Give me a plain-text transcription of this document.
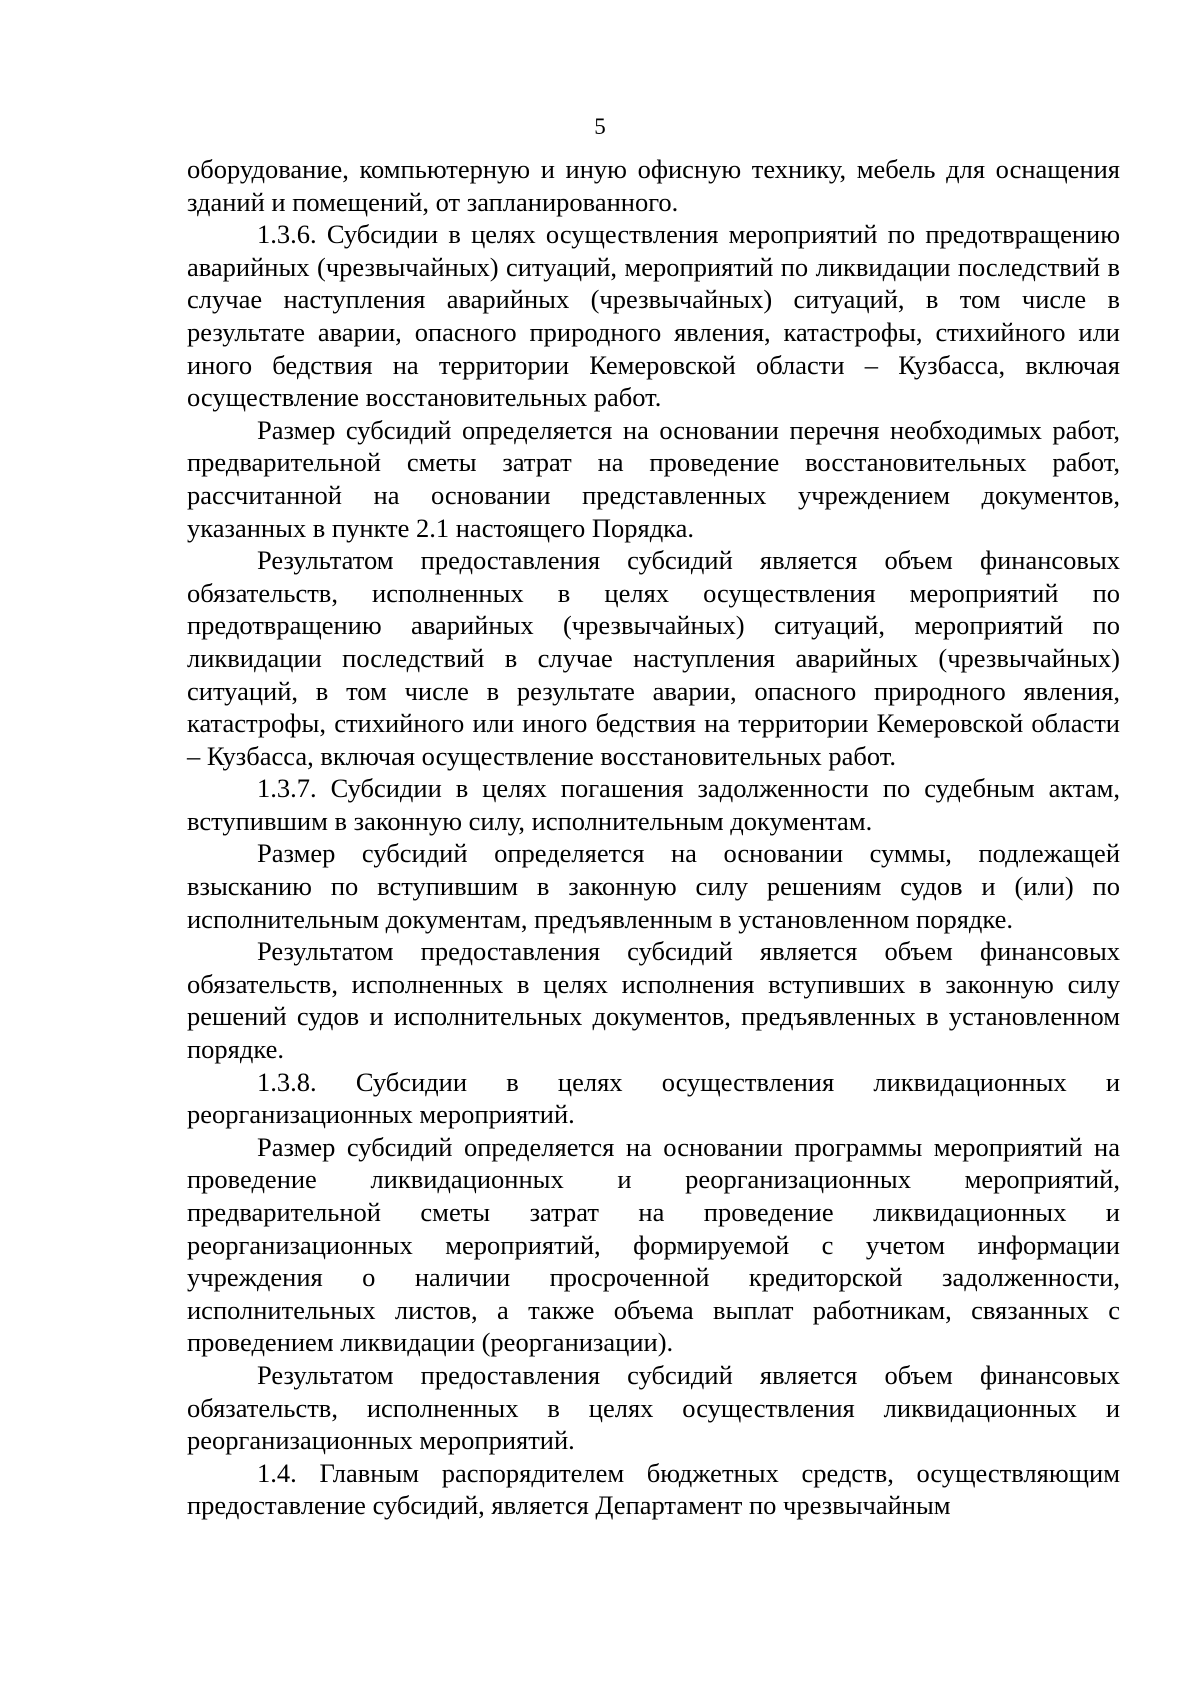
5

оборудование, компьютерную и иную офисную технику, мебель для оснащения зданий и помещений, от запланированного.

1.3.6. Субсидии в целях осуществления мероприятий по предотвращению аварийных (чрезвычайных) ситуаций, мероприятий по ликвидации последствий в случае наступления аварийных (чрезвычайных) ситуаций, в том числе в результате аварии, опасного природного явления, катастрофы, стихийного или иного бедствия на территории Кемеровской области – Кузбасса, включая осуществление восстановительных работ.

Размер субсидий определяется на основании перечня необходимых работ, предварительной сметы затрат на проведение восстановительных работ, рассчитанной на основании представленных учреждением документов, указанных в пункте 2.1 настоящего Порядка.

Результатом предоставления субсидий является объем финансовых обязательств, исполненных в целях осуществления мероприятий по предотвращению аварийных (чрезвычайных) ситуаций, мероприятий по ликвидации последствий в случае наступления аварийных (чрезвычайных) ситуаций, в том числе в результате аварии, опасного природного явления, катастрофы, стихийного или иного бедствия на территории Кемеровской области – Кузбасса, включая осуществление восстановительных работ.

1.3.7. Субсидии в целях погашения задолженности по судебным актам, вступившим в законную силу, исполнительным документам.

Размер субсидий определяется на основании суммы, подлежащей взысканию по вступившим в законную силу решениям судов и (или) по исполнительным документам, предъявленным в установленном порядке.

Результатом предоставления субсидий является объем финансовых обязательств, исполненных в целях исполнения вступивших в законную силу решений судов и исполнительных документов, предъявленных в установленном порядке.

1.3.8. Субсидии в целях осуществления ликвидационных и реорганизационных мероприятий.

Размер субсидий определяется на основании программы мероприятий на проведение ликвидационных и реорганизационных мероприятий, предварительной сметы затрат на проведение ликвидационных и реорганизационных мероприятий, формируемой с учетом информации учреждения о наличии просроченной кредиторской задолженности, исполнительных листов, а также объема выплат работникам, связанных с проведением ликвидации (реорганизации).

Результатом предоставления субсидий является объем финансовых обязательств, исполненных в целях осуществления ликвидационных и реорганизационных мероприятий.

1.4. Главным распорядителем бюджетных средств, осуществляющим предоставление субсидий, является Департамент по чрезвычайным
